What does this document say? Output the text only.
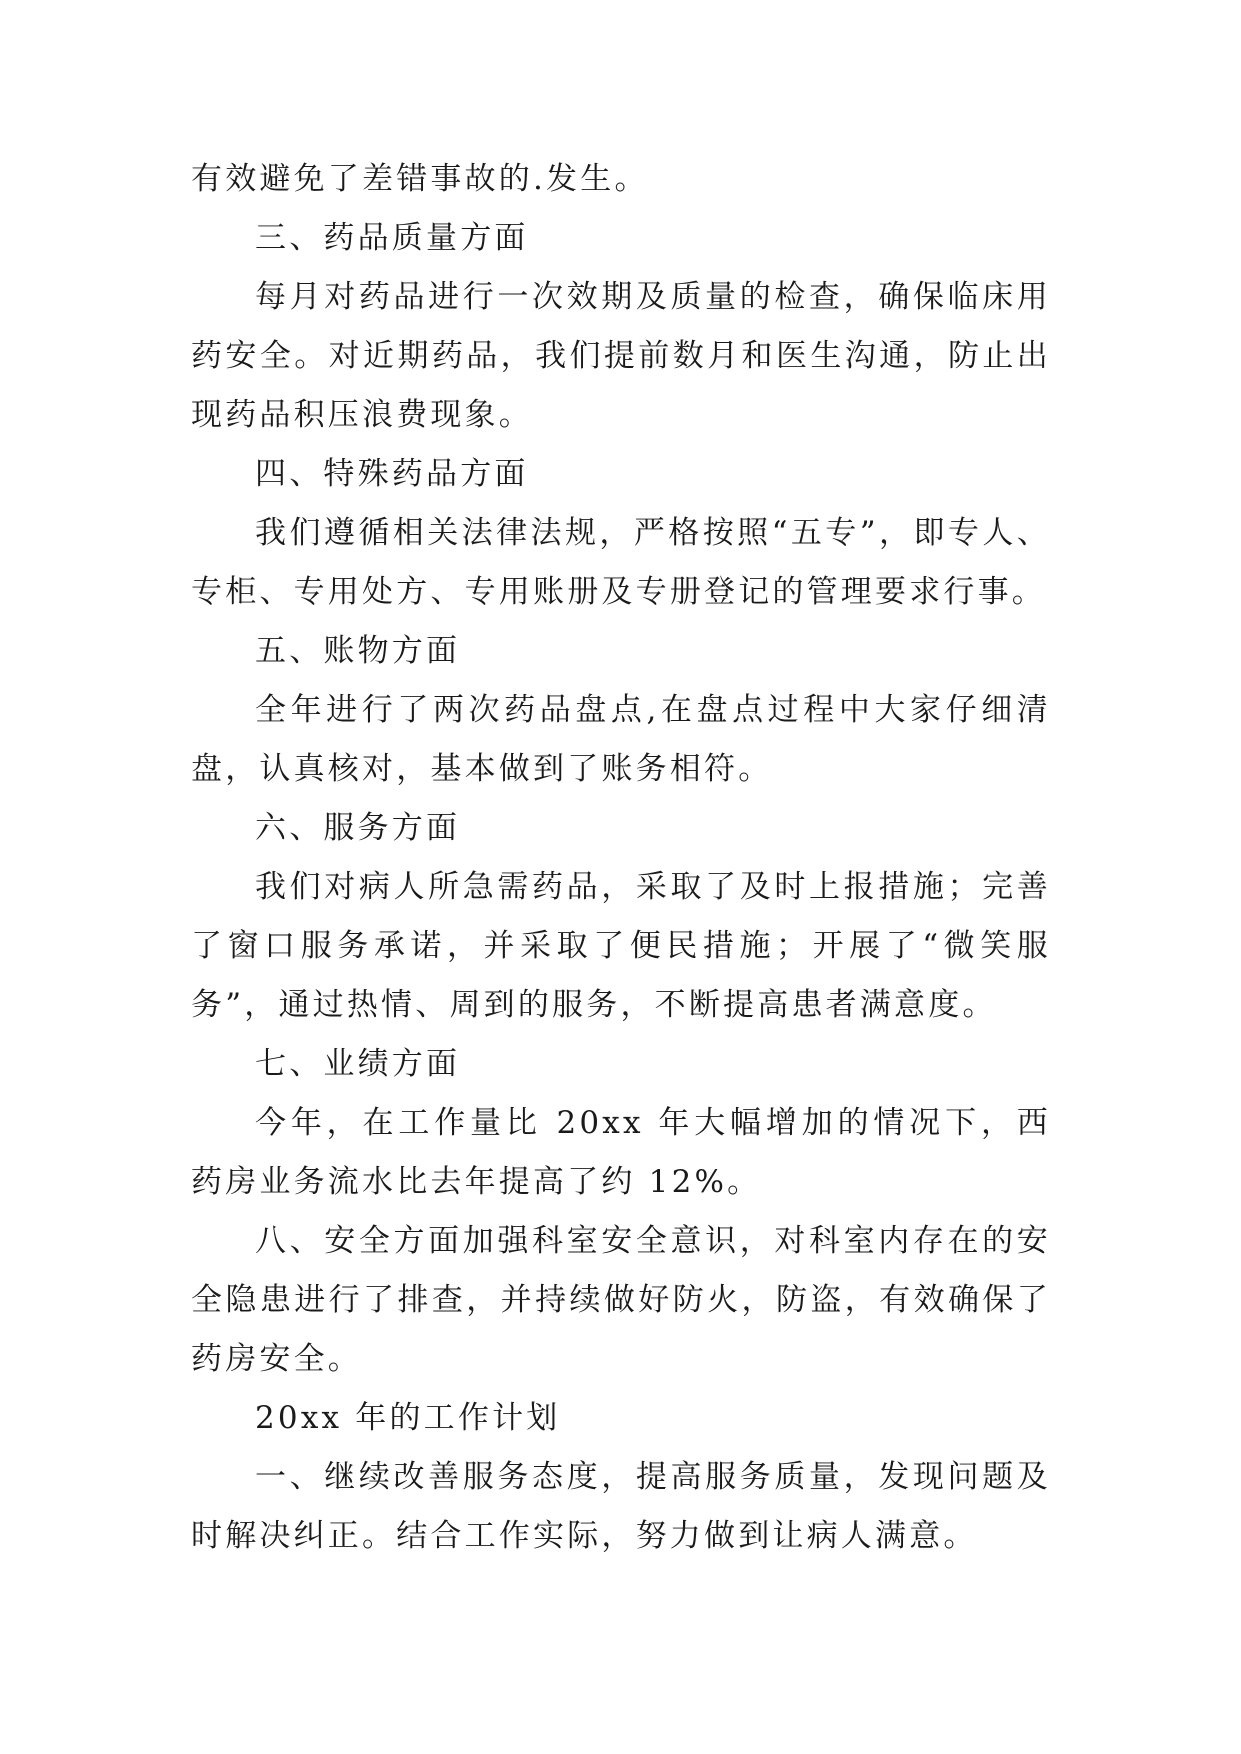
有效避免了差错事故的.发生。

三、药品质量方面

每月对药品进行一次效期及质量的检查，确保临床用药安全。对近期药品，我们提前数月和医生沟通，防止出现药品积压浪费现象。

四、特殊药品方面

我们遵循相关法律法规，严格按照“五专”，即专人、专柜、专用处方、专用账册及专册登记的管理要求行事。

五、账物方面

全年进行了两次药品盘点,在盘点过程中大家仔细清盘，认真核对，基本做到了账务相符。

六、服务方面

我们对病人所急需药品，采取了及时上报措施；完善了窗口服务承诺，并采取了便民措施；开展了“微笑服务”，通过热情、周到的服务，不断提高患者满意度。

七、业绩方面

今年，在工作量比 20xx 年大幅增加的情况下，西药房业务流水比去年提高了约 12%。

八、安全方面加强科室安全意识，对科室内存在的安全隐患进行了排查，并持续做好防火，防盗，有效确保了药房安全。

20xx 年的工作计划

一、继续改善服务态度，提高服务质量，发现问题及时解决纠正。结合工作实际，努力做到让病人满意。
